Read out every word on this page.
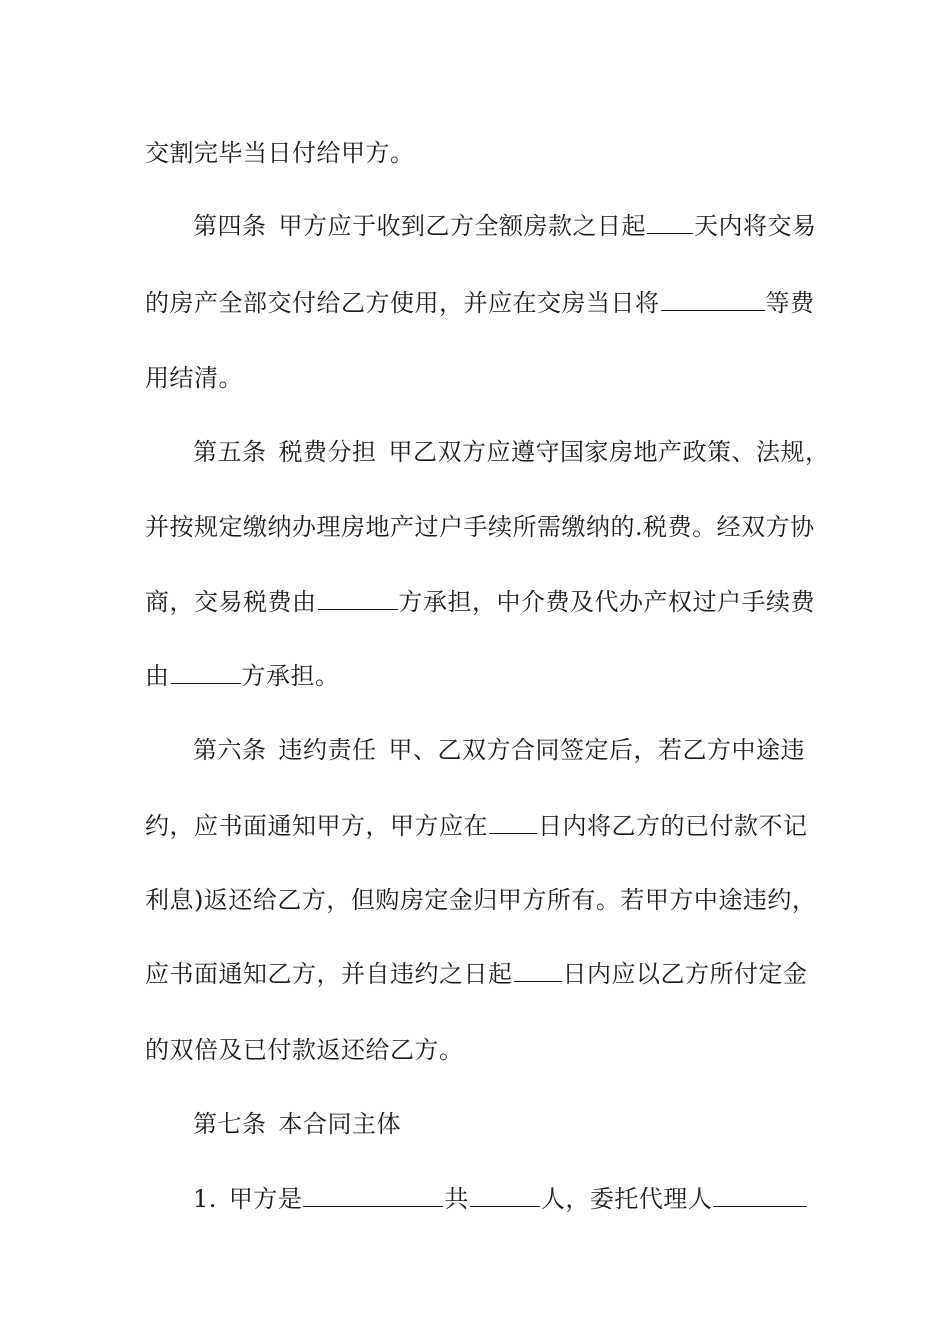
交割完毕当日付给甲方。
第四条 甲方应于收到乙方全额房款之日起 天内将交易
的房产全部交付给乙方使用，并应在交房当日将	等费
用结清。
第五条 税费分担 甲乙双方应遵守国家房地产政策、法规，
并按规定缴纳办理房地产过户手续所需缴纳的.税费。经双方协
商，交易税费由	方承担，中介费及代办产权过户手续费
由	方承担。
第六条 违约责任 甲、乙双方合同签定后，若乙方中途违
约，应书面通知甲方，甲方应在 日内将乙方的已付款不记
利息)返还给乙方，但购房定金归甲方所有。若甲方中途违约，
应书面通知乙方，并自违约之日起 日内应以乙方所付定金
的双倍及已付款返还给乙方。
第七条 本合同主体
1. 甲方是	共	人，委托代理人
